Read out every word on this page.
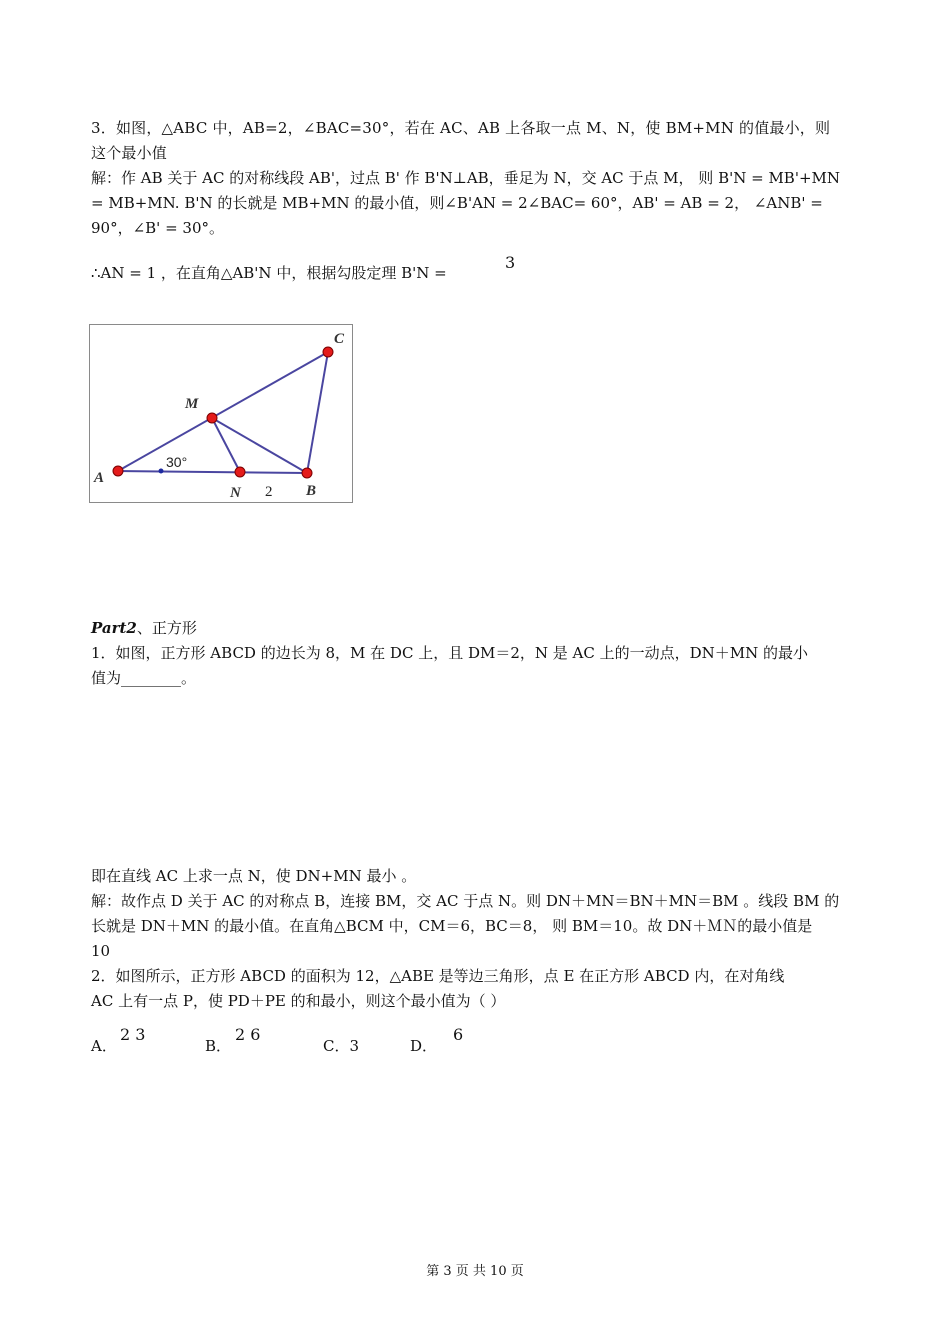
3．如图，△ABC 中，AB=2，∠BAC=30°，若在 AC、AB 上各取一点 M、N，使 BM+MN 的值最小，则
这个最小值
解：作 AB 关于 AC 的对称线段 AB'，过点 B' 作 B'N⊥AB，垂足为 N，交 AC 于点 M， 则 B'N = MB'+MN
= MB+MN. B'N 的长就是 MB+MN 的最小值，则∠B'AN = 2∠BAC= 60°，AB' = AB = 2， ∠ANB' =
90°，∠B' = 30°。
∴AN = 1 ，在直角△AB'N 中，根据勾股定理 B'N =
3
A
B
C
M
N
30°
2
Part2、正方形
1．如图，正方形 ABCD 的边长为 8，M 在 DC 上，且 DM＝2，N 是 AC 上的一动点，DN＋MN 的最小
值为________。
即在直线 AC 上求一点 N，使 DN+MN 最小 。
解：故作点 D 关于 AC 的对称点 B，连接 BM，交 AC 于点 N。则 DN＋MN＝BN＋MN＝BM 。线段 BM 的
长就是 DN＋MN 的最小值。在直角△BCM 中，CM＝6，BC＝8， 则 BM＝10。故 DN＋ＭＮ的最小值是
10
2．如图所示，正方形 ABCD 的面积为 12，△ABE 是等边三角形，点 E 在正方形 ABCD 内，在对角线
AC 上有一点 P，使 PD＋PE 的和最小，则这个最小值为（ ）
A．
2 3
B．
2 6
C．3	D．
6
第 3 页 共 10 页
